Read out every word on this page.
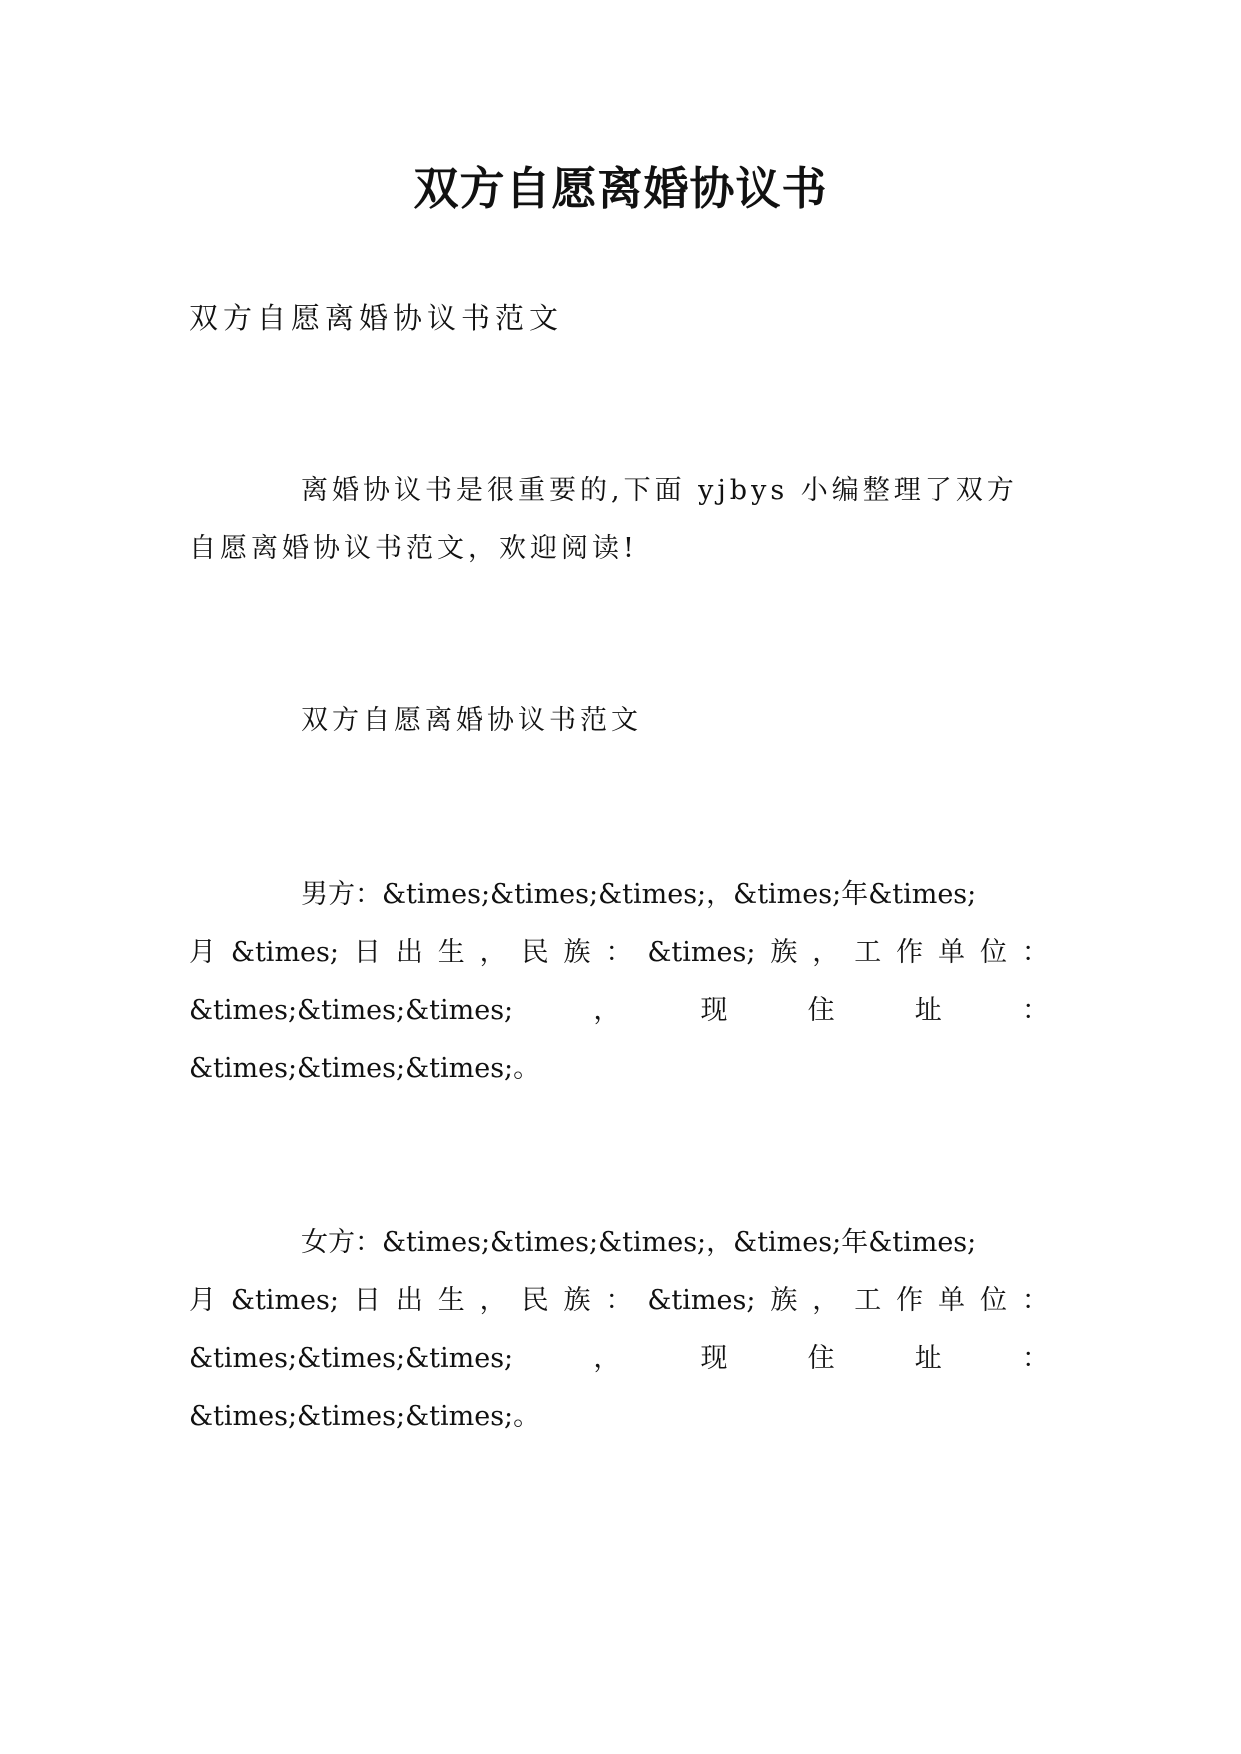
双方自愿离婚协议书

双方自愿离婚协议书范文

离婚协议书是很重要的,下面 yjbys 小编整理了双方
自愿离婚协议书范文，欢迎阅读!
双方自愿离婚协议书范文
男方：&times;&times;&times;，&times;年&times;
月 &times; 日 出 生 ， 民 族 ： &times; 族 ， 工 作 单 位 ：
&times;&times;&times;	，	现	住	址	：
&times;&times;&times;。
女方：&times;&times;&times;，&times;年&times;
月 &times; 日 出 生 ， 民 族 ： &times; 族 ， 工 作 单 位 ：
&times;&times;&times;	，	现	住	址	：
&times;&times;&times;。
